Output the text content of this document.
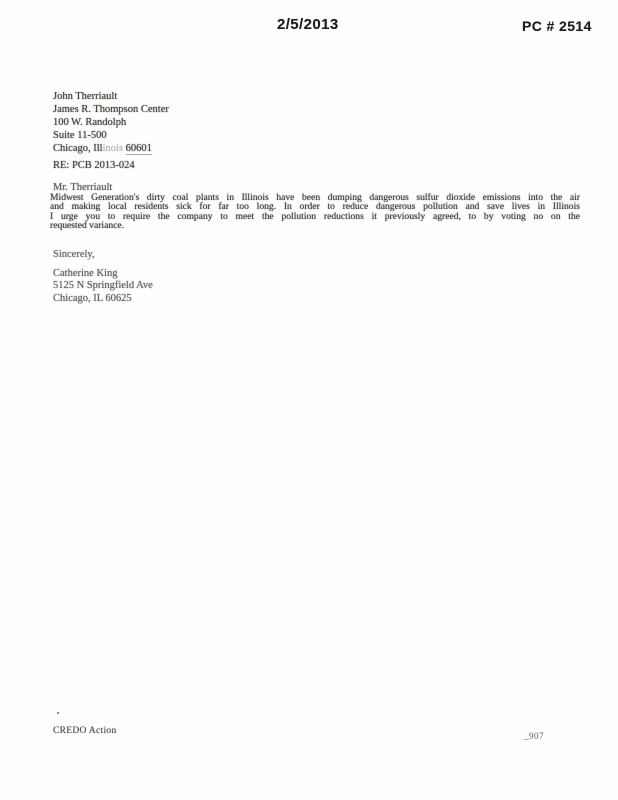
2/5/2013	PC # 2514
John Therriault
James R. Thompson Center
100 W. Randolph
Suite 11-500
Chicago, Illinois 60601
RE: PCB 2013-024
Mr. Therriault
Midwest Generation's dirty coal plants in Illinois have been dumping dangerous sulfur dioxide emissions into the air
and making local residents sick for far too long. In order to reduce dangerous pollution and save lives in Illinois
I urge you to require the company to meet the pollution reductions it previously agreed, to by voting no on the
requested variance.
Sincerely,
Catherine King
5125 N Springfield Ave
Chicago, IL 60625
CREDO Action	_907
